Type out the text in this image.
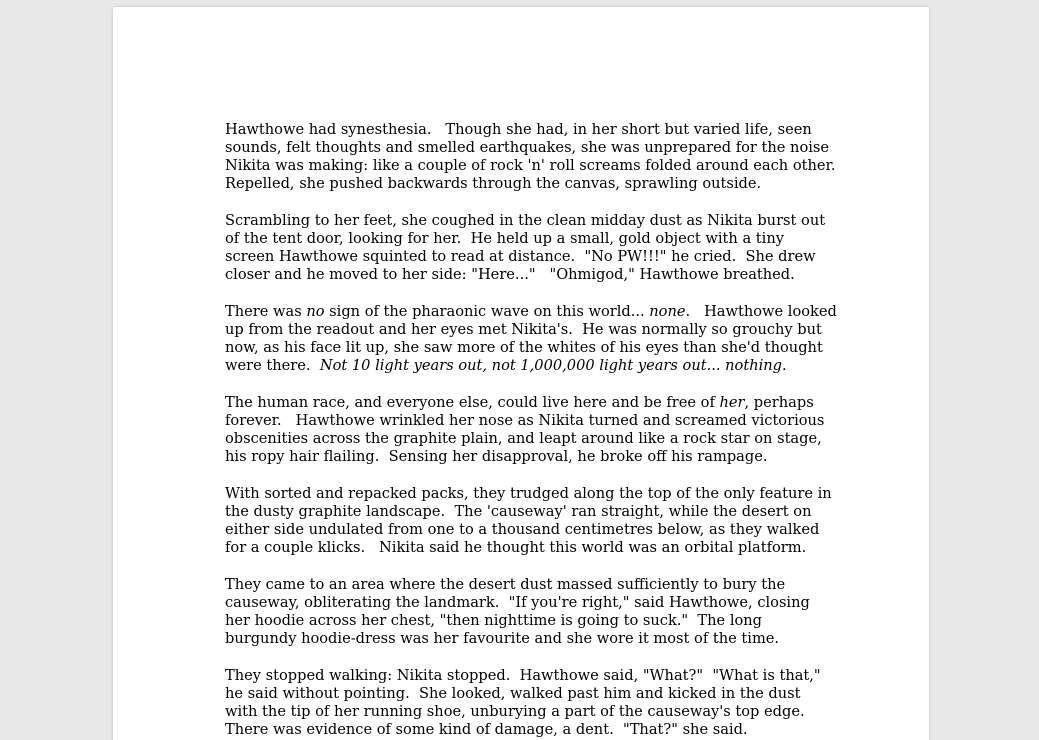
Hawthowe had synesthesia.   Though she had, in her short but varied life, seen
sounds, felt thoughts and smelled earthquakes, she was unprepared for the noise
Nikita was making: like a couple of rock 'n' roll screams folded around each other.
Repelled, she pushed backwards through the canvas, sprawling outside.

Scrambling to her feet, she coughed in the clean midday dust as Nikita burst out
of the tent door, looking for her.  He held up a small, gold object with a tiny
screen Hawthowe squinted to read at distance.  "No PW!!!" he cried.  She drew
closer and he moved to her side: "Here..."   "Ohmigod," Hawthowe breathed.

There was no sign of the pharaonic wave on this world... none.   Hawthowe looked
up from the readout and her eyes met Nikita's.  He was normally so grouchy but
now, as his face lit up, she saw more of the whites of his eyes than she'd thought
were there.  Not 10 light years out, not 1,000,000 light years out... nothing.

The human race, and everyone else, could live here and be free of her, perhaps
forever.   Hawthowe wrinkled her nose as Nikita turned and screamed victorious
obscenities across the graphite plain, and leapt around like a rock star on stage,
his ropy hair flailing.  Sensing her disapproval, he broke off his rampage.

With sorted and repacked packs, they trudged along the top of the only feature in
the dusty graphite landscape.  The 'causeway' ran straight, while the desert on
either side undulated from one to a thousand centimetres below, as they walked
for a couple klicks.   Nikita said he thought this world was an orbital platform.

They came to an area where the desert dust massed sufficiently to bury the
causeway, obliterating the landmark.  "If you're right," said Hawthowe, closing
her hoodie across her chest, "then nighttime is going to suck."  The long
burgundy hoodie-dress was her favourite and she wore it most of the time.

They stopped walking: Nikita stopped.  Hawthowe said, "What?"  "What is that,"
he said without pointing.  She looked, walked past him and kicked in the dust
with the tip of her running shoe, unburying a part of the causeway's top edge.
There was evidence of some kind of damage, a dent.  "That?" she said.
